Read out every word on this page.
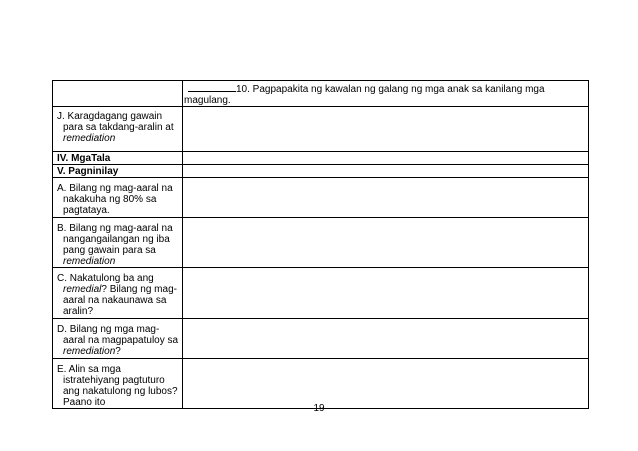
	10. Pagpapakita ng kawalan ng galang ng mga anak sa kanilang mga magulang.

J. Karagdagang gawain para sa takdang-aralin at remediation	

IV. MgaTala	

V. Pagninilay	

A. Bilang ng mag-aaral na nakakuha ng 80% sa pagtataya.	

B. Bilang ng mag-aaral na nangangailangan ng iba pang gawain para sa remediation	

C. Nakatulong ba ang remedial? Bilang ng mag-aaral na nakaunawa sa aralin?	

D. Bilang ng mga mag-aaral na magpapatuloy sa remediation?	

E. Alin sa mga istratehiyang pagtuturo ang nakatulong ng lubos? Paano ito	

19
